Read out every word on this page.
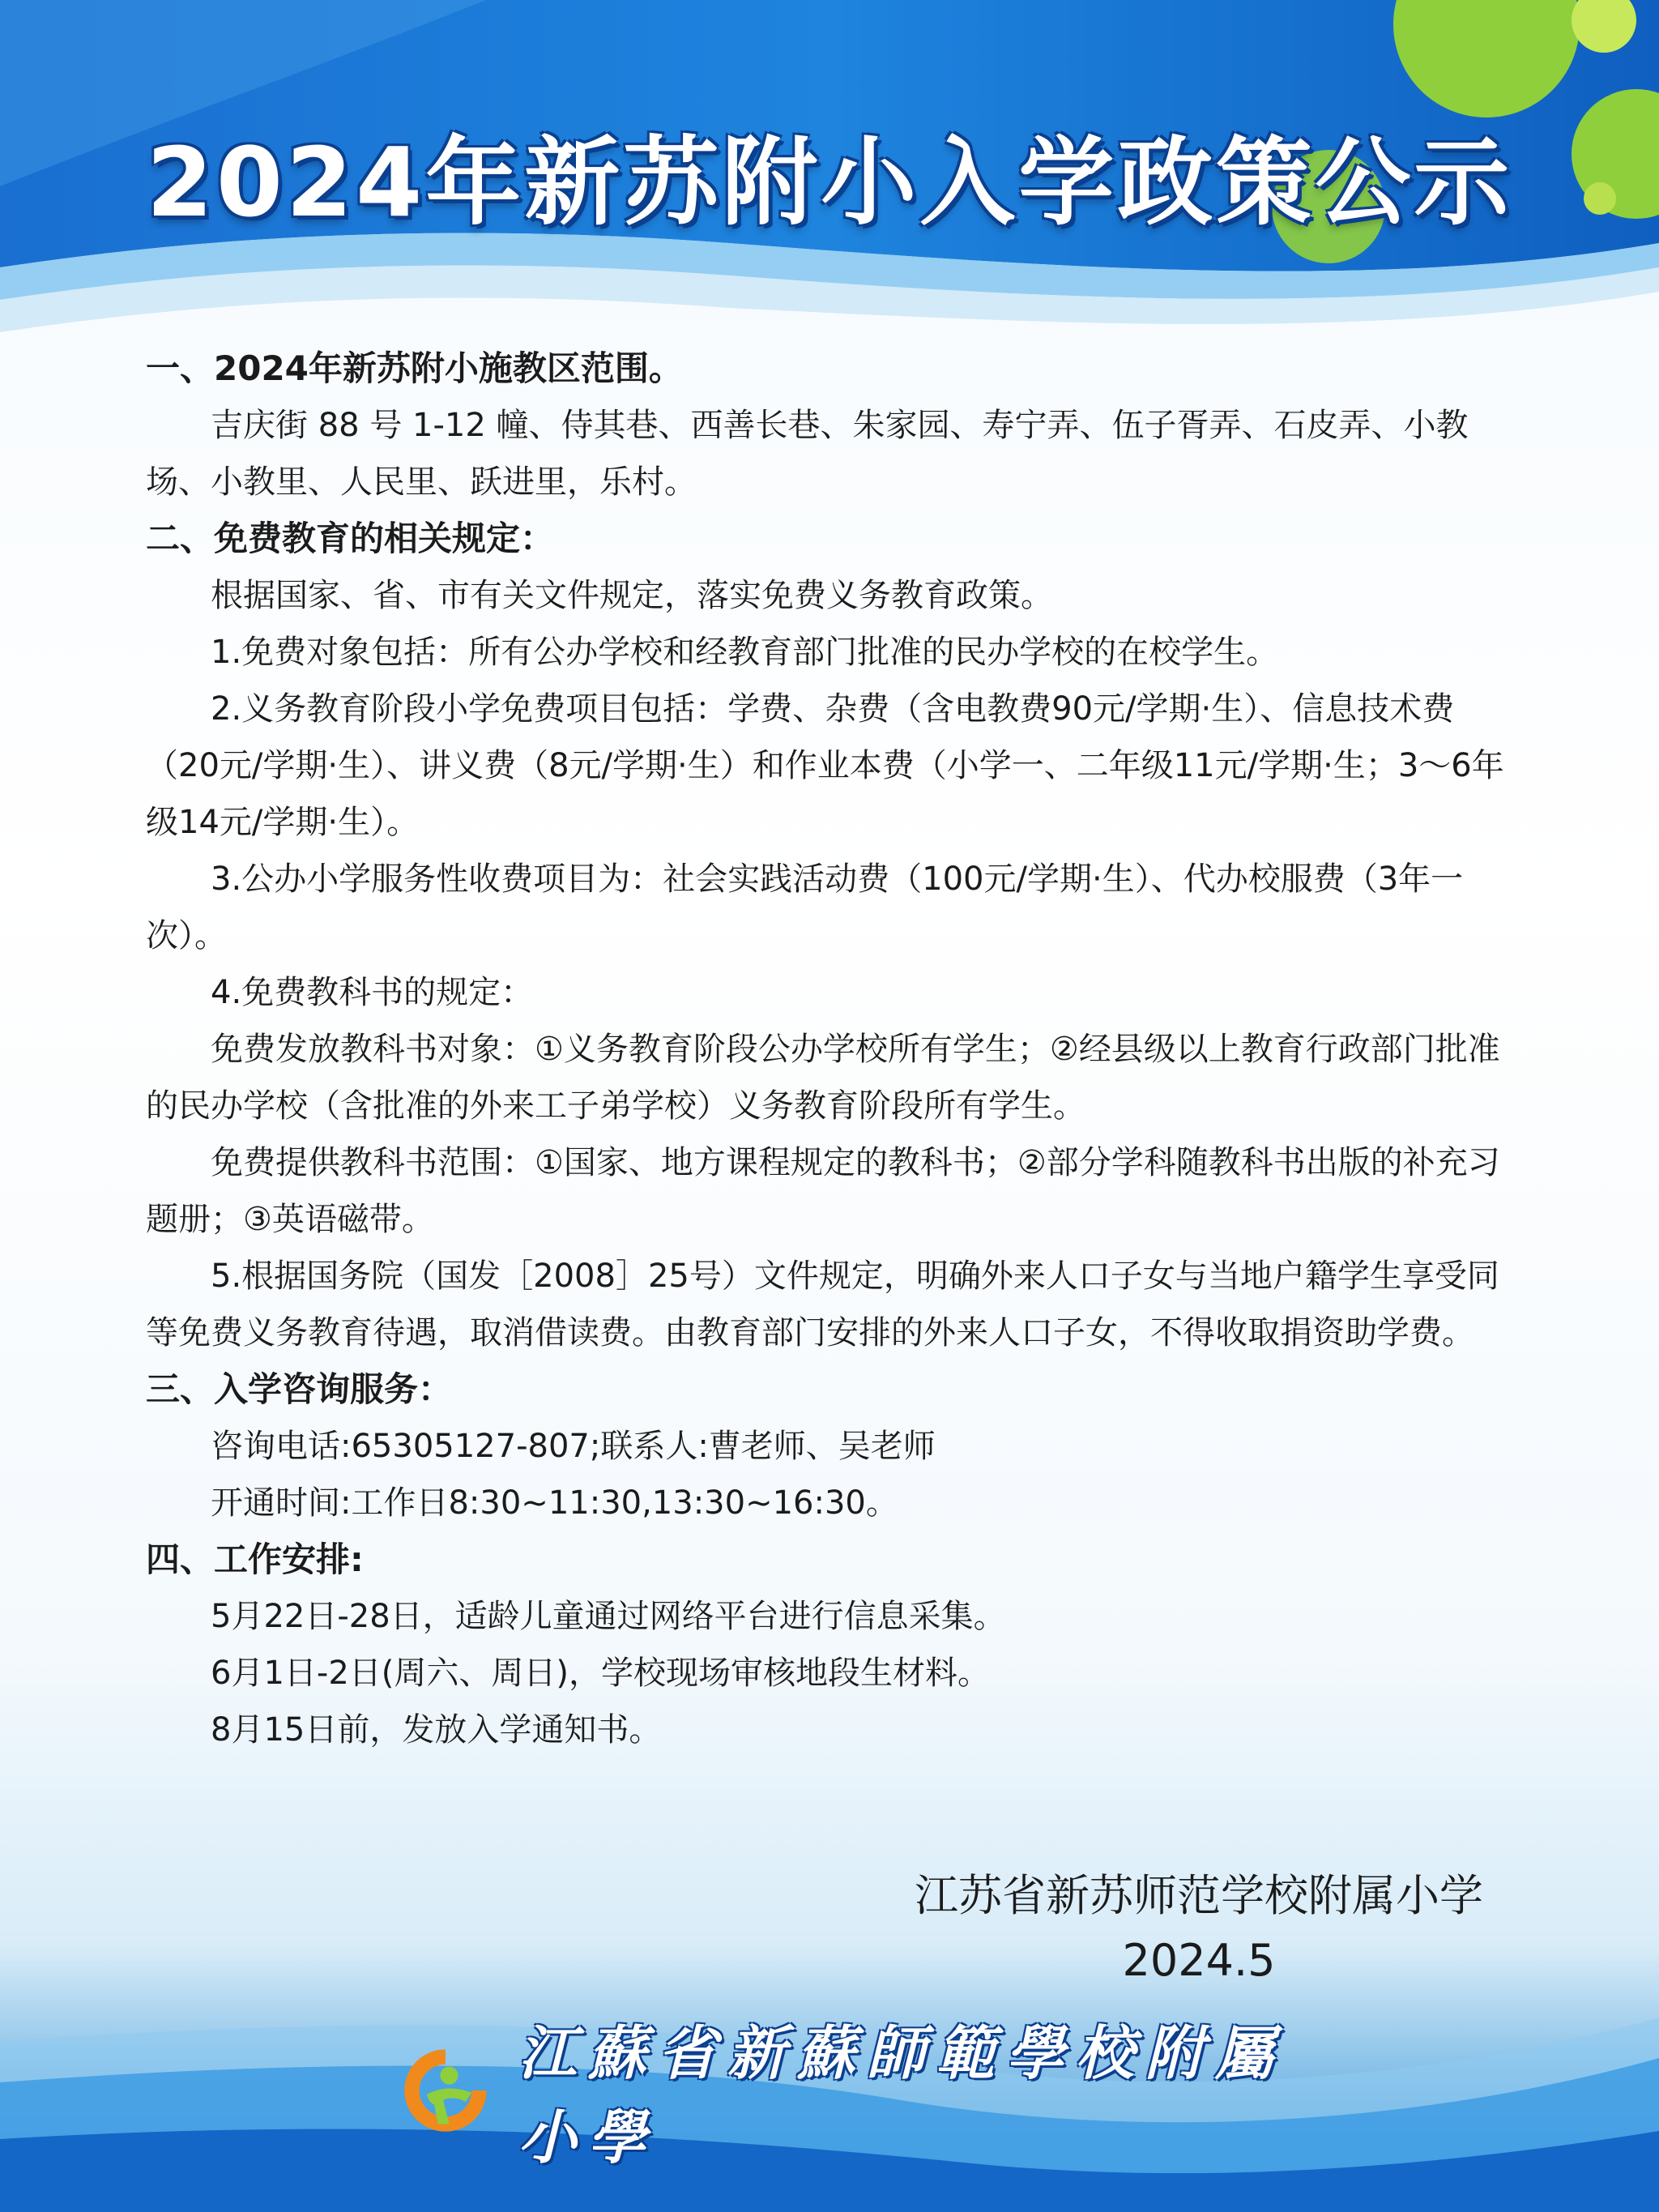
2024年新苏附小入学政策公示
一、2024年新苏附小施教区范围。
吉庆街 88 号 1-12 幢、侍其巷、西善长巷、朱家园、寿宁弄、伍子胥弄、石皮弄、小教场、小教里、人民里、跃进里，乐村。
二、免费教育的相关规定：
根据国家、省、市有关文件规定，落实免费义务教育政策。
1.免费对象包括：所有公办学校和经教育部门批准的民办学校的在校学生。
2.义务教育阶段小学免费项目包括：学费、杂费（含电教费90元/学期·生）、信息技术费（20元/学期·生）、讲义费（8元/学期·生）和作业本费（小学一、二年级11元/学期·生；3～6年级14元/学期·生）。
3.公办小学服务性收费项目为：社会实践活动费（100元/学期·生）、代办校服费（3年一次）。
4.免费教科书的规定：
免费发放教科书对象：①义务教育阶段公办学校所有学生；②经县级以上教育行政部门批准的民办学校（含批准的外来工子弟学校）义务教育阶段所有学生。
免费提供教科书范围：①国家、地方课程规定的教科书；②部分学科随教科书出版的补充习题册；③英语磁带。
5.根据国务院（国发［2008］25号）文件规定，明确外来人口子女与当地户籍学生享受同等免费义务教育待遇，取消借读费。由教育部门安排的外来人口子女，不得收取捐资助学费。
三、入学咨询服务：
咨询电话:65305127-807;联系人:曹老师、吴老师
开通时间:工作日8:30~11:30,13:30~16:30。
四、工作安排:
5月22日-28日，适龄儿童通过网络平台进行信息采集。
6月1日-2日(周六、周日)，学校现场审核地段生材料。
8月15日前，发放入学通知书。
江苏省新苏师范学校附属小学
2024.5
江蘇省新蘇師範學校附屬小學
